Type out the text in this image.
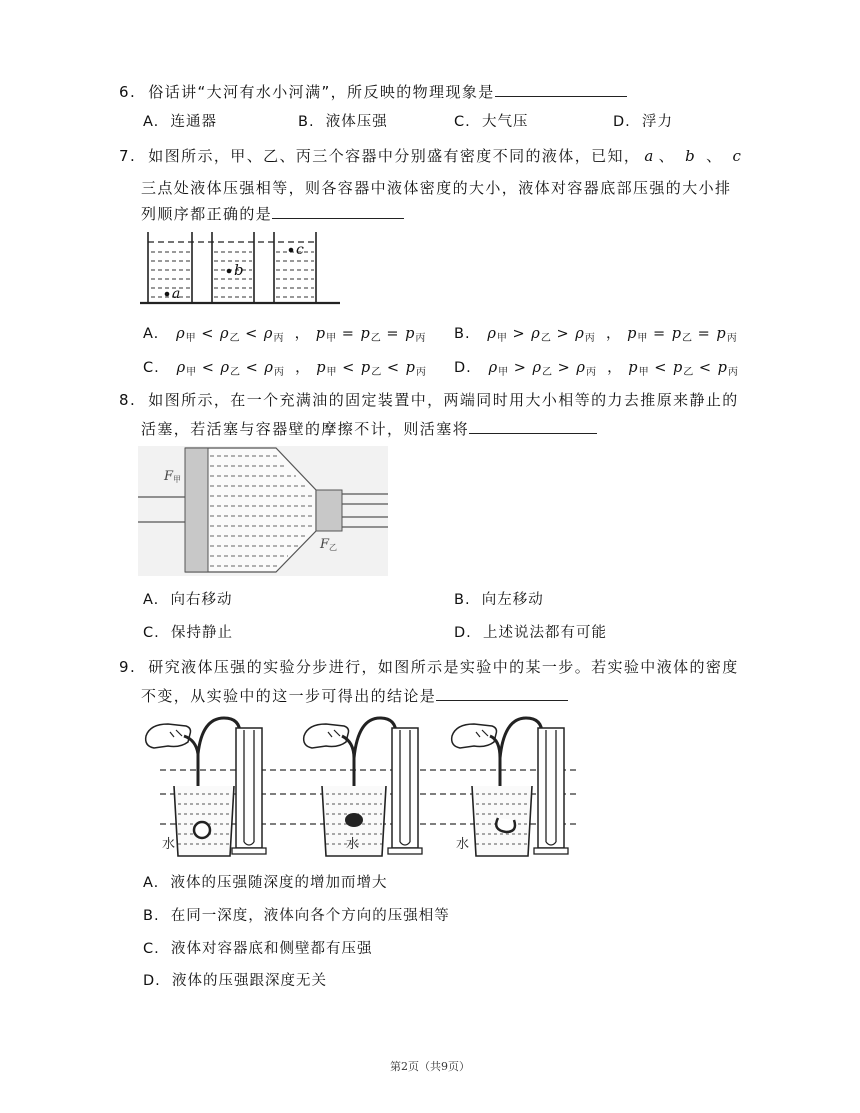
6. 俗话讲“大河有水小河满”，所反映的物理现象是
A. 连通器	B. 液体压强	C. 大气压	D. 浮力
7. 如图所示，甲、乙、丙三个容器中分别盛有密度不同的液体，已知， a 、 b 、 c
三点处液体压强相等，则各容器中液体密度的大小，液体对容器底部压强的大小排
列顺序都正确的是
a
b
c
A. $\rho_甲 < \rho_乙 < \rho_丙$ ， $p_甲 = p_乙 = p_丙$ B. $\rho_甲 > \rho_乙 > \rho_丙$ ， $p_甲 = p_乙 = p_丙$
C. $\rho_甲 < \rho_乙 < \rho_丙$ ， $p_甲 < p_乙 < p_丙$ D. $\rho_甲 > \rho_乙 > \rho_丙$ ， $p_甲 < p_乙 < p_丙$
8. 如图所示，在一个充满油的固定装置中，两端同时用大小相等的力去推原来静止的
活塞，若活塞与容器壁的摩擦不计，则活塞将
F 甲
F 乙
A. 向右移动	B. 向左移动
C. 保持静止	D. 上述说法都有可能
9. 研究液体压强的实验分步进行，如图所示是实验中的某一步。若实验中液体的密度
不变，从实验中的这一步可得出的结论是
水	水	水
A. 液体的压强随深度的增加而增大
B. 在同一深度，液体向各个方向的压强相等
C. 液体对容器底和侧壁都有压强
D. 液体的压强跟深度无关
第2页（共9页）
